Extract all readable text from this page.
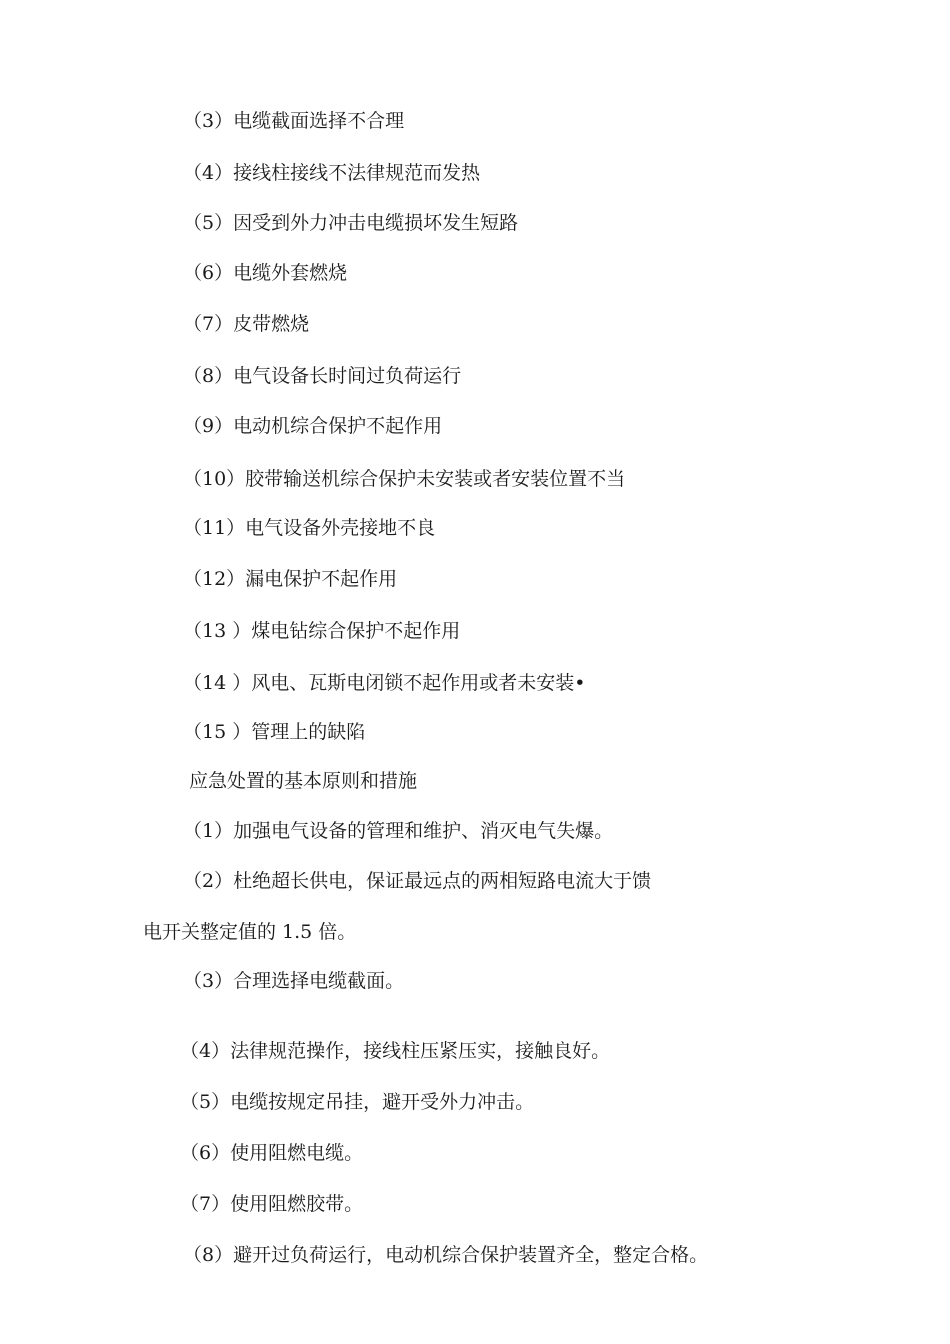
（3）电缆截面选择不合理
（4）接线柱接线不法律规范而发热
（5）因受到外力冲击电缆损坏发生短路
（6）电缆外套燃烧
（7）皮带燃烧
（8）电气设备长时间过负荷运行
（9）电动机综合保护不起作用
（10）胶带输送机综合保护未安装或者安装位置不当
（11）电气设备外壳接地不良
（12）漏电保护不起作用
（13 ）煤电钻综合保护不起作用
（14 ）风电、瓦斯电闭锁不起作用或者未安装•
（15 ）管理上的缺陷
应急处置的基本原则和措施
（1）加强电气设备的管理和维护、消灭电气失爆。
（2）杜绝超长供电，保证最远点的两相短路电流大于馈
电开关整定值的 1.5 倍。
（3）合理选择电缆截面。
（4）法律规范操作，接线柱压紧压实，接触良好。
（5）电缆按规定吊挂，避开受外力冲击。
（6）使用阻燃电缆。
（7）使用阻燃胶带。
（8）避开过负荷运行，电动机综合保护装置齐全，整定合格。
